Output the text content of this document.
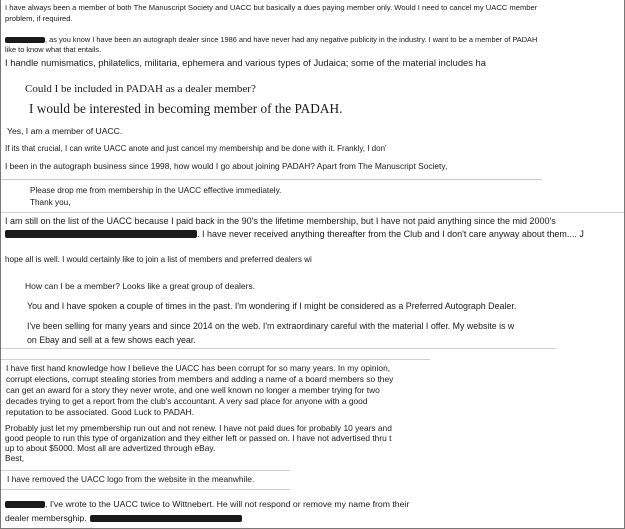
I have always been a member of both The Manuscript Society and UACC but basically a dues paying member only. Would I need to cancel my UACC member
problem, if required.
, as you know I have been an autograph dealer since 1986 and have never had any negative publicity in the industry. I want to be a member of PADAH
like to know what that entails.
I handle numismatics, philatelics, militaria, ephemera and various types of Judaica; some of the material includes ha
Could I be included in PADAH as a dealer member?
I would be interested in becoming member of the PADAH.
Yes, I am a member of UACC.
If its that crucial, I can write UACC anote and just cancel my membership and be done with it. Frankly, I don'
I been in the autograph business since 1998, how would I go about joining PADAH? Apart from The Manuscript Society,
Please drop me from membership in the UACC effective immediately.
Thank you,
I am still on the list of the UACC because I paid back in the 90's the lifetime membership, but I have not paid anything since the mid 2000's
. I have never received anything thereafter from the Club and I don't care anyway about them.... J
hope all is well. I would certainly like to join a list of members and preferred dealers wi
How can I be a member? Looks like a great group of dealers.
You and I have spoken a couple of times in the past. I'm wondering if I might be considered as a Preferred Autograph Dealer.
I've been selling for many years and since 2014 on the web. I'm extraordinary careful with the material I offer. My website is w
on Ebay and sell at a few shows each year.
I have first hand knowledge how I believe the UACC has been corrupt for so many years. In my opinion,
corrupt elections, corrupt stealing stories from members and adding a name of a board members so they
can get an award for a story they never wrote, and one well known no longer a member trying for two
decades trying to get a report from the club's accountant. A very sad place for anyone with a good
reputation to be associated. Good Luck to PADAH.
Probably just let my pmembership run out and not renew. I have not paid dues for probably 10 years and
good people to run this type of organization and they either left or passed on. I have not advertised thru t
up to about $5000. Most all are advertized through eBay.
Best,
I have removed the UACC logo from the website in the meanwhile.
, I've wrote to the UACC twice to Wittnebert. He will not respond or remove my name from their
dealer membersghip.
